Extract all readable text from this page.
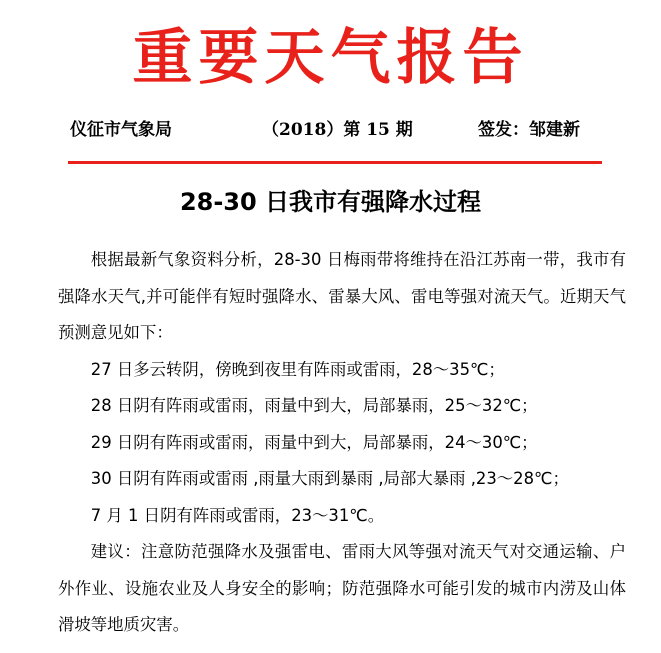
重要天气报告
仪征市气象局	（2018）第 15 期	签发：邹建新
28-30 日我市有强降水过程

根据最新气象资料分析，28-30 日梅雨带将维持在沿江苏南一带，我市有强降水天气,并可能伴有短时强降水、雷暴大风、雷电等强对流天气。近期天气预测意见如下：

27 日多云转阴，傍晚到夜里有阵雨或雷雨，28～35℃；

28 日阴有阵雨或雷雨，雨量中到大，局部暴雨，25～32℃；

29 日阴有阵雨或雷雨，雨量中到大，局部暴雨，24～30℃；

30 日阴有阵雨或雷雨 ,雨量大雨到暴雨 ,局部大暴雨 ,23～28℃；

7 月 1 日阴有阵雨或雷雨，23～31℃。

建议：注意防范强降水及强雷电、雷雨大风等强对流天气对交通运输、户外作业、设施农业及人身安全的影响；防范强降水可能引发的城市内涝及山体滑坡等地质灾害。
